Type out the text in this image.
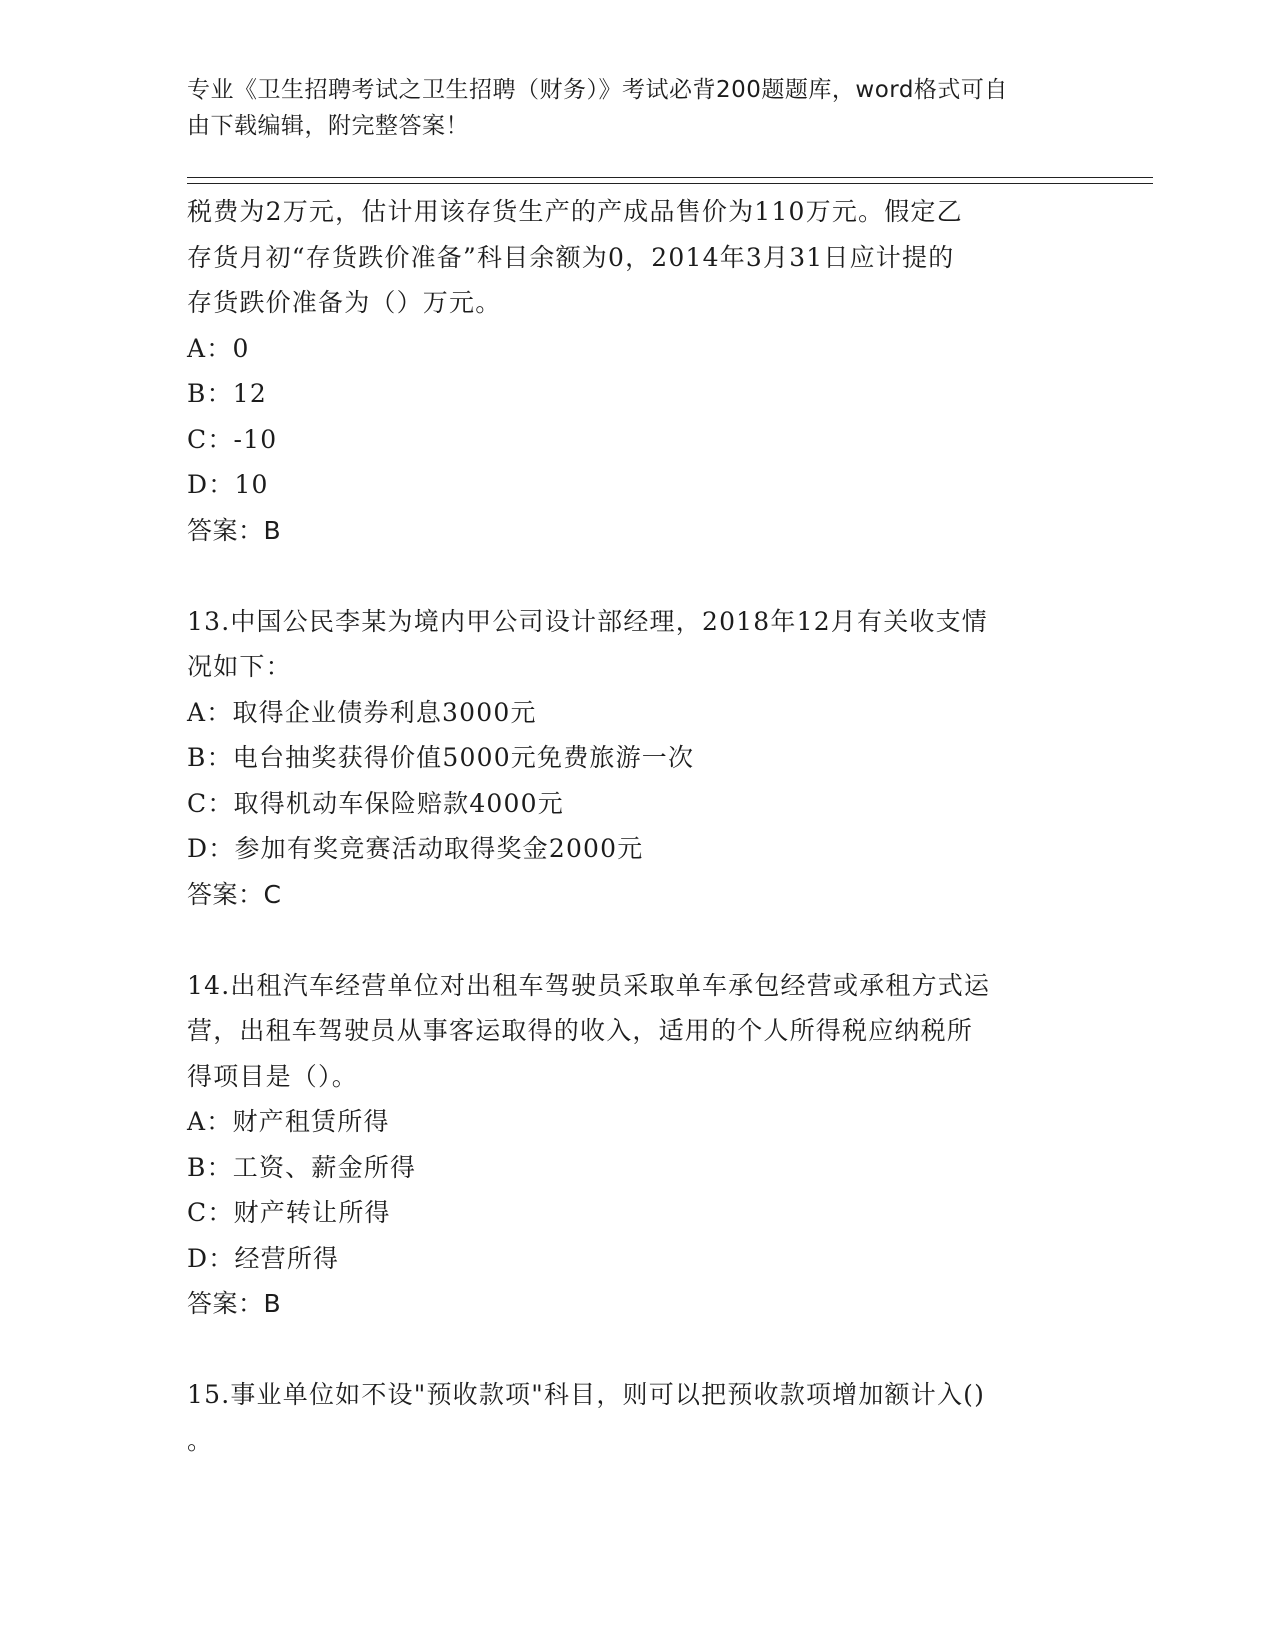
专业《卫生招聘考试之卫生招聘（财务）》考试必背200题题库，word格式可自
由下载编辑，附完整答案！
税费为2万元，估计用该存货生产的产成品售价为110万元。假定乙
存货月初“存货跌价准备”科目余额为0，2014年3月31日应计提的
存货跌价准备为（）万元。
A：0
B：12
C：-10
D：10
答案：B
13.中国公民李某为境内甲公司设计部经理，2018年12月有关收支情
况如下：
A：取得企业债券利息3000元
B：电台抽奖获得价值5000元免费旅游一次
C：取得机动车保险赔款4000元
D：参加有奖竞赛活动取得奖金2000元
答案：C
14.出租汽车经营单位对出租车驾驶员采取单车承包经营或承租方式运
营，出租车驾驶员从事客运取得的收入，适用的个人所得税应纳税所
得项目是（）。
A：财产租赁所得
B：工资、薪金所得
C：财产转让所得
D：经营所得
答案：B
15.事业单位如不设"预收款项"科目，则可以把预收款项增加额计入()
。
